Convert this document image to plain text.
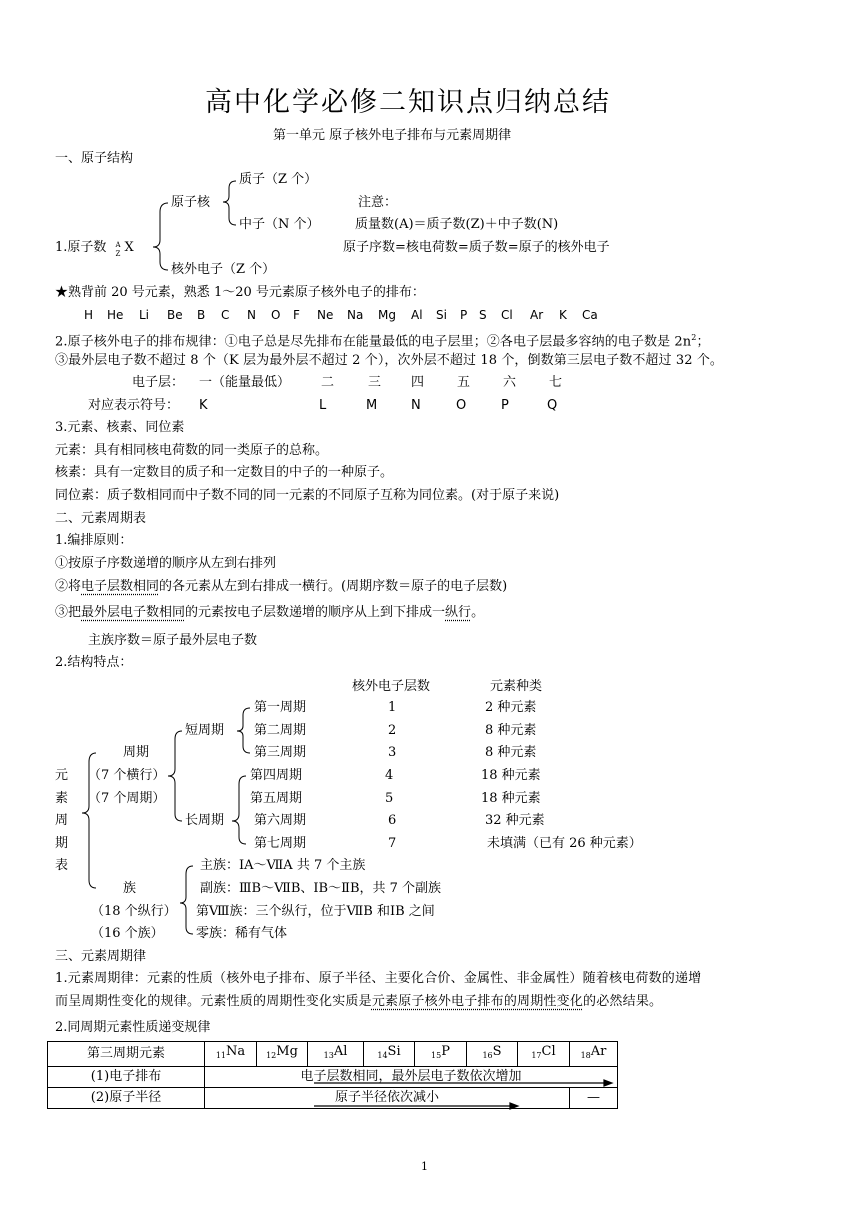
高中化学必修二知识点归纳总结
第一单元 原子核外电子排布与元素周期律
一、原子结构
质子（Z 个）
原子核	注意：
中子（N 个）	质量数(A)＝质子数(Z)＋中子数(N)
1.原子数 A
Z X	原子序数=核电荷数=质子数=原子的核外电子
核外电子（Z 个）
★熟背前 20 号元素，熟悉 1～20 号元素原子核外电子的排布：
H He Li Be B C N O F Ne Na Mg Al Si P S Cl Ar K Ca
2.原子核外电子的排布规律：①电子总是尽先排布在能量最低的电子层里；②各电子层最多容纳的电子数是 $2n^2$；
③最外层电子数不超过 8 个（K 层为最外层不超过 2 个），次外层不超过 18 个，倒数第三层电子数不超过 32 个。
电子层： 一（能量最低） 二	三 四	五	六	七
对应表示符号： K	L	M	N	O	P	Q
3.元素、核素、同位素
元素：具有相同核电荷数的同一类原子的总称。
核素：具有一定数目的质子和一定数目的中子的一种原子。
同位素：质子数相同而中子数不同的同一元素的不同原子互称为同位素。(对于原子来说)
二、元素周期表
1.编排原则：
①按原子序数递增的顺序从左到右排列
②将电子层数相同的各元素从左到右排成一横行。(周期序数＝原子的电子层数)
③把最外层电子数相同的元素按电子层数递增的顺序从上到下排成一纵行。
主族序数＝原子最外层电子数
2.结构特点：
核外电子层数	元素种类
元
素
周
期
表
周期
（7 个横行）
（7 个周期）
短周期
长周期
第一周期	1	2 种元素
第二周期	2	8 种元素
第三周期	3	8 种元素
第四周期	4	18 种元素
第五周期	5	18 种元素
第六周期	6	32 种元素
第七周期	7	未填满（已有 26 种元素）
族
（18 个纵行）
（16 个族）
主族：ⅠA～ⅦA 共 7 个主族
副族：ⅢB～ⅦB、ⅠB～ⅡB，共 7 个副族
第Ⅷ族：三个纵行，位于ⅦB 和ⅠB 之间
零族：稀有气体
三、元素周期律
1.元素周期律：元素的性质（核外电子排布、原子半径、主要化合价、金属性、非金属性）随着核电荷数的递增
而呈周期性变化的规律。元素性质的周期性变化实质是元素原子核外电子排布的周期性变化的必然结果。
2.同周期元素性质递变规律
第三周期元素	$_{11}$Na	$_{12}$Mg	$_{13}$Al	$_{14}$Si	$_{15}$P	$_{16}$S	$_{17}$Cl	$_{18}$Ar
(1)电子排布	电子层数相同，最外层电子数依次增加							
(2)原子半径	原子半径依次减小							—
1
